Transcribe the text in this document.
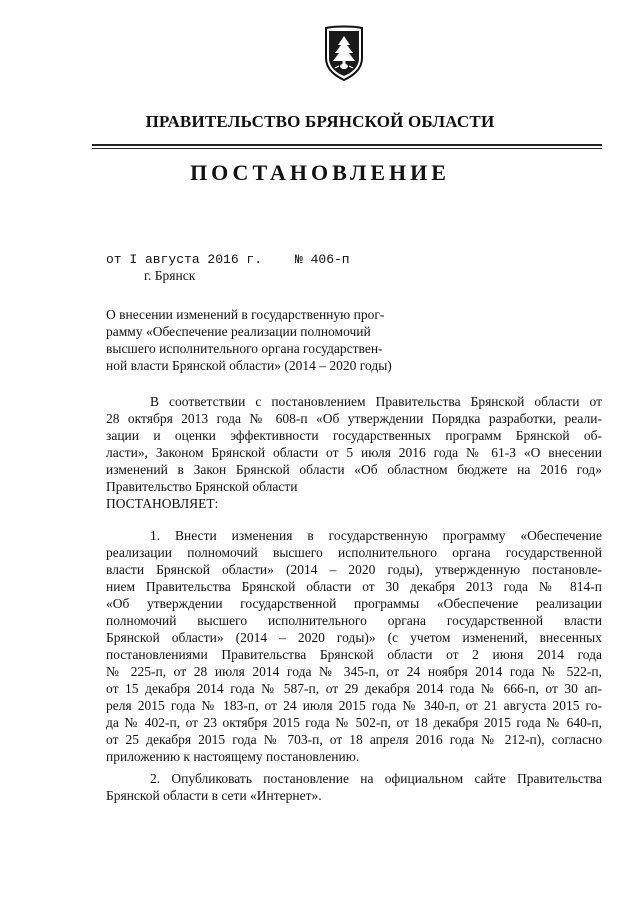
ПРАВИТЕЛЬСТВО БРЯНСКОЙ ОБЛАСТИ
ПОСТАНОВЛЕНИЕ
от I августа 2016 г.	№ 406-п
г. Брянск
О внесении изменений в государственную прог-
рамму «Обеспечение реализации полномочий
высшего исполнительного органа государствен-
ной власти Брянской области» (2014 – 2020 годы)
В соответствии с постановлением Правительства Брянской области от
28 октября 2013 года № 608-п «Об утверждении Порядка разработки, реали-
зации и оценки эффективности государственных программ Брянской об-
ласти», Законом Брянской области от 5 июля 2016 года № 61-З «О внесении
изменений в Закон Брянской области «Об областном бюджете на 2016 год»
Правительство Брянской области
ПОСТАНОВЛЯЕТ:
1. Внести изменения в государственную программу «Обеспечение
реализации полномочий высшего исполнительного органа государственной
власти Брянской области» (2014 – 2020 годы), утвержденную постановле-
нием Правительства Брянской области от 30 декабря 2013 года № 814-п
«Об утверждении государственной программы «Обеспечение реализации
полномочий высшего исполнительного органа государственной власти
Брянской области» (2014 – 2020 годы)» (с учетом изменений, внесенных
постановлениями Правительства Брянской области от 2 июня 2014 года
№ 225-п, от 28 июля 2014 года № 345-п, от 24 ноября 2014 года № 522-п,
от 15 декабря 2014 года № 587-п, от 29 декабря 2014 года № 666-п, от 30 ап-
реля 2015 года № 183-п, от 24 июля 2015 года № 340-п, от 21 августа 2015 го-
да № 402-п, от 23 октября 2015 года № 502-п, от 18 декабря 2015 года № 640-п,
от 25 декабря 2015 года № 703-п, от 18 апреля 2016 года № 212-п), согласно
приложению к настоящему постановлению.
2. Опубликовать постановление на официальном сайте Правительства
Брянской области в сети «Интернет».
